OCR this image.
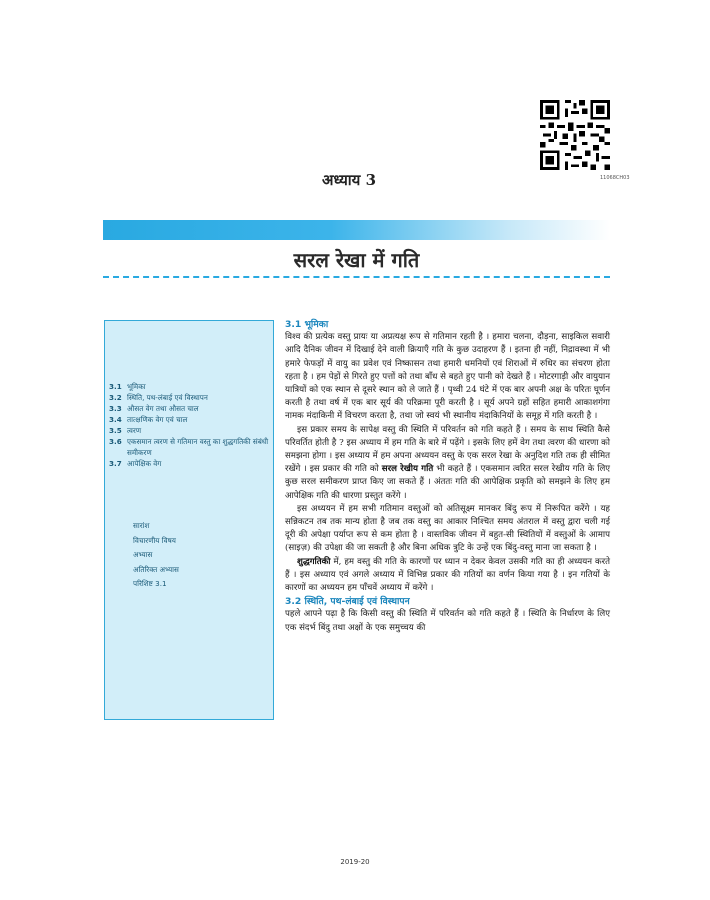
11068CH03
अध्याय 3
सरल रेखा में गति
3.1 भूमिका
3.2 स्थिति, पथ-लंबाई एवं विस्थापन
3.3 औसत वेग तथा औसत चाल
3.4 तात्क्षणिक वेग एवं चाल
3.5 त्वरण
3.6 एकसमान त्वरण से गतिमान वस्तु का शुद्धगतिकी संबंधी समीकरण
3.7 आपेक्षिक वेग
सारांश
विचारणीय विषय
अभ्यास
अतिरिक्त अभ्यास
परिशिष्ट 3.1

3.1 भूमिका

विश्व की प्रत्येक वस्तु प्रायः या अप्रत्यक्ष रूप से गतिमान रहती है । हमारा चलना, दौड़ना, साइकिल सवारी आदि दैनिक जीवन में दिखाई देने वाली क्रियाएँ गति के कुछ उदाहरण हैं । इतना ही नहीं, निद्रावस्था में भी हमारे फेफड़ों में वायु का प्रवेश एवं निष्कासन तथा हमारी धमनियों एवं शिराओं में रुधिर का संचरण होता रहता है । हम पेड़ों से गिरते हुए पत्तों को तथा बाँध से बहते हुए पानी को देखते हैं । मोटरगाड़ी और वायुयान यात्रियों को एक स्थान से दूसरे स्थान को ले जाते हैं । पृथ्वी 24 घंटे में एक बार अपनी अक्ष के परितः घूर्णन करती है तथा वर्ष में एक बार सूर्य की परिक्रमा पूरी करती है । सूर्य अपने ग्रहों सहित हमारी आकाशगंगा नामक मंदाकिनी में विचरण करता है, तथा जो स्वयं भी स्थानीय मंदाकिनियों के समूह में गति करती है ।

इस प्रकार समय के सापेक्ष वस्तु की स्थिति में परिवर्तन को गति कहते हैं । समय के साथ स्थिति कैसे परिवर्तित होती है ? इस अध्याय में हम गति के बारे में पढ़ेंगे । इसके लिए हमें वेग तथा त्वरण की धारणा को समझना होगा । इस अध्याय में हम अपना अध्ययन वस्तु के एक सरल रेखा के अनुदिश गति तक ही सीमित रखेंगे । इस प्रकार की गति को सरल रेखीय गति भी कहते हैं । एकसमान त्वरित सरल रेखीय गति के लिए कुछ सरल समीकरण प्राप्त किए जा सकते हैं । अंततः गति की आपेक्षिक प्रकृति को समझने के लिए हम आपेक्षिक गति की धारणा प्रस्तुत करेंगे ।

इस अध्ययन में हम सभी गतिमान वस्तुओं को अतिसूक्ष्म मानकर बिंदु रूप में निरूपित करेंगे । यह सन्निकटन तब तक मान्य होता है जब तक वस्तु का आकार निश्चित समय अंतराल में वस्तु द्वारा चली गई दूरी की अपेक्षा पर्याप्त रूप से कम होता है । वास्तविक जीवन में बहुत-सी स्थितियों में वस्तुओं के आमाप (साइज़) की उपेक्षा की जा सकती है और बिना अधिक त्रुटि के उन्हें एक बिंदु-वस्तु माना जा सकता है ।

शुद्धगतिकी में, हम वस्तु की गति के कारणों पर ध्यान न देकर केवल उसकी गति का ही अध्ययन करते हैं । इस अध्याय एवं अगले अध्याय में विभिन्न प्रकार की गतियों का वर्णन किया गया है । इन गतियों के कारणों का अध्ययन हम पाँचवें अध्याय में करेंगे ।

3.2 स्थिति, पथ-लंबाई एवं विस्थापन

पहले आपने पढ़ा है कि किसी वस्तु की स्थिति में परिवर्तन को गति कहते हैं । स्थिति के निर्धारण के लिए एक संदर्भ बिंदु तथा अक्षों के एक समुच्चय की

2019-20
